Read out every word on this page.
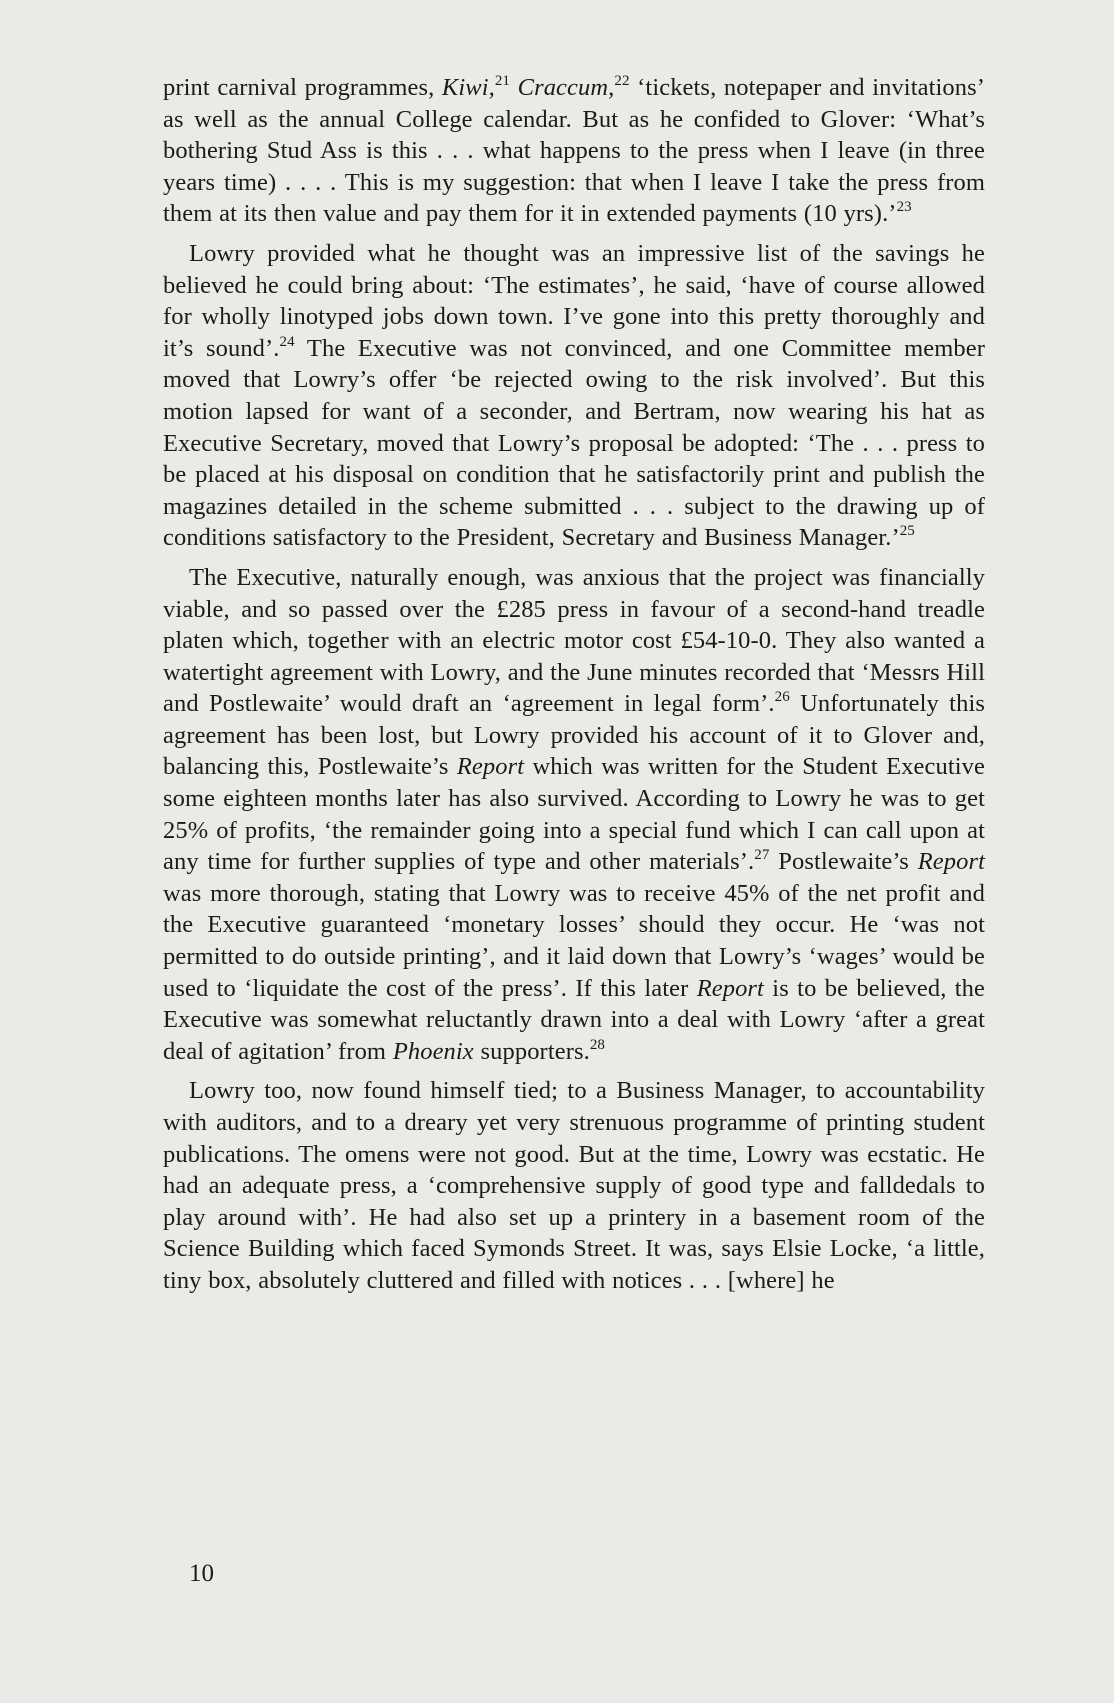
print carnival programmes, Kiwi,$^{21}$ Craccum,$^{22}$ ‘tickets, notepaper and invitations’ as well as the annual College calendar. But as he confided to Glover: ‘What’s bothering Stud Ass is this . . . what happens to the press when I leave (in three years time) . . . . This is my suggestion: that when I leave I take the press from them at its then value and pay them for it in extended payments (10 yrs).’$^{23}$

Lowry provided what he thought was an impressive list of the savings he believed he could bring about: ‘The estimates’, he said, ‘have of course allowed for wholly linotyped jobs down town. I’ve gone into this pretty thoroughly and it’s sound’.$^{24}$ The Executive was not convinced, and one Committee member moved that Lowry’s offer ‘be rejected owing to the risk involved’. But this motion lapsed for want of a seconder, and Bertram, now wearing his hat as Executive Secretary, moved that Lowry’s proposal be adopted: ‘The . . . press to be placed at his disposal on condition that he satisfactorily print and publish the magazines detailed in the scheme submitted . . . subject to the drawing up of conditions satisfactory to the President, Secretary and Business Manager.’$^{25}$

The Executive, naturally enough, was anxious that the project was financially viable, and so passed over the £285 press in favour of a second-hand treadle platen which, together with an electric motor cost £54-10-0. They also wanted a watertight agreement with Lowry, and the June minutes recorded that ‘Messrs Hill and Postlewaite’ would draft an ‘agreement in legal form’.$^{26}$ Unfortunately this agreement has been lost, but Lowry provided his account of it to Glover and, balancing this, Postlewaite’s Report which was written for the Student Executive some eighteen months later has also survived. According to Lowry he was to get 25% of profits, ‘the remainder going into a special fund which I can call upon at any time for further supplies of type and other materials’.$^{27}$ Postlewaite’s Report was more thorough, stating that Lowry was to receive 45% of the net profit and the Executive guaranteed ‘monetary losses’ should they occur. He ‘was not permitted to do outside printing’, and it laid down that Lowry’s ‘wages’ would be used to ‘liquidate the cost of the press’. If this later Report is to be believed, the Executive was somewhat reluctantly drawn into a deal with Lowry ‘after a great deal of agitation’ from Phoenix supporters.$^{28}$

Lowry too, now found himself tied; to a Business Manager, to accountability with auditors, and to a dreary yet very strenuous programme of printing student publications. The omens were not good. But at the time, Lowry was ecstatic. He had an adequate press, a ‘comprehensive supply of good type and falldedals to play around with’. He had also set up a printery in a basement room of the Science Building which faced Symonds Street. It was, says Elsie Locke, ‘a little, tiny box, absolutely cluttered and filled with notices . . . [where] he

10
